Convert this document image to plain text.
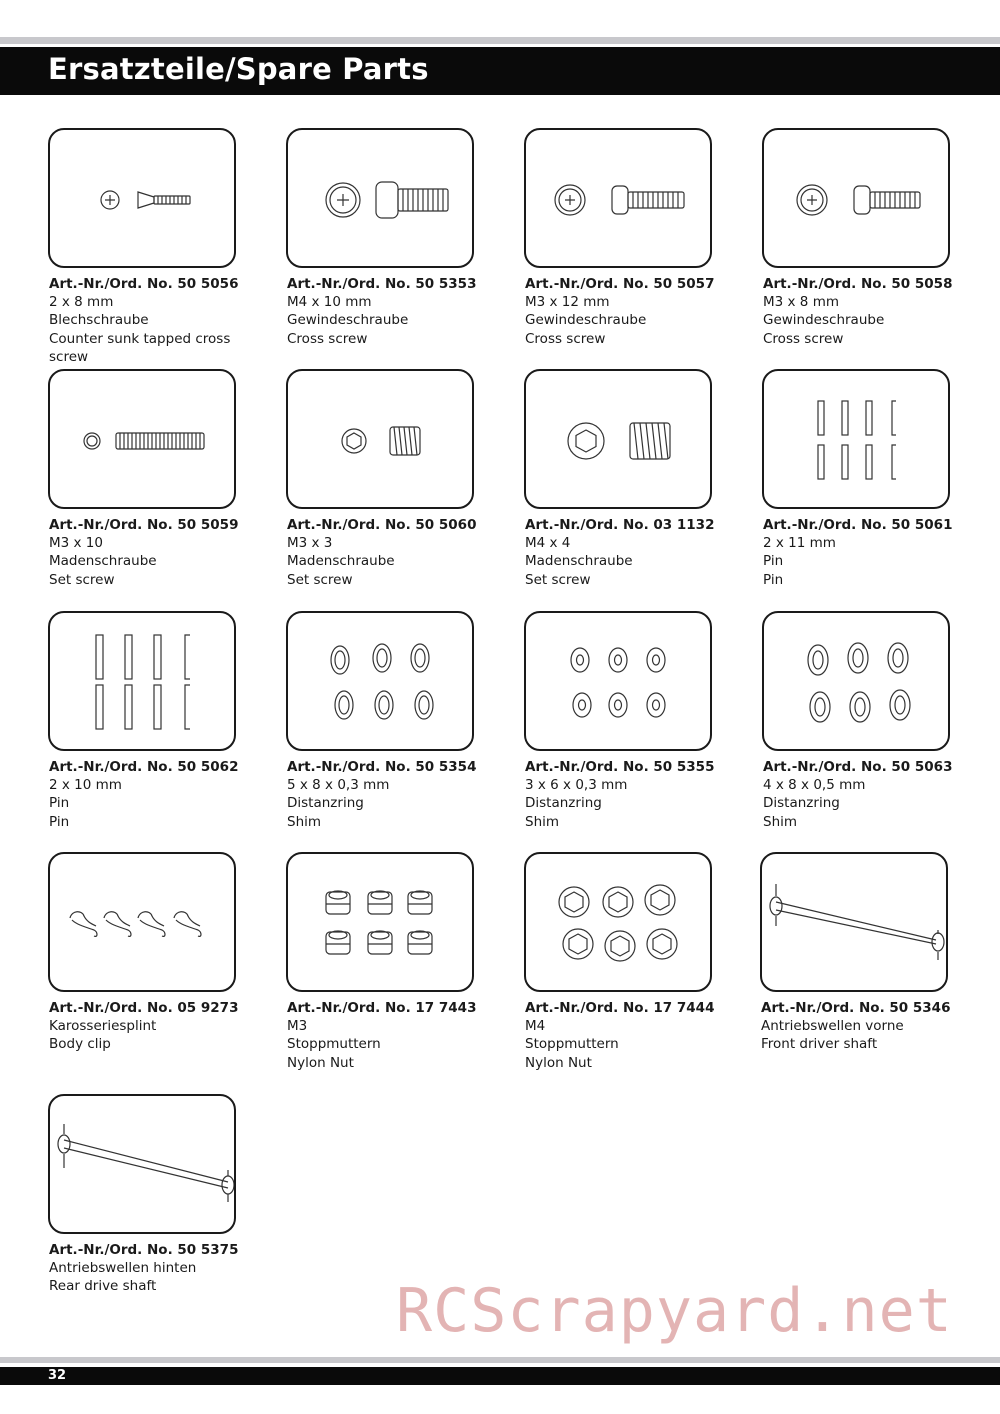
Ersatzteile/Spare Parts
Art.-Nr./Ord. No. 50 5056
2 x 8 mm
Blechschraube
Counter sunk tapped cross screw
Art.-Nr./Ord. No. 50 5353
M4 x 10 mm
Gewindeschraube
Cross screw
Art.-Nr./Ord. No. 50 5057
M3 x 12 mm
Gewindeschraube
Cross screw
Art.-Nr./Ord. No. 50 5058
M3 x 8 mm
Gewindeschraube
Cross screw
Art.-Nr./Ord. No. 50 5059
M3 x 10
Madenschraube
Set screw
Art.-Nr./Ord. No. 50 5060
M3 x 3
Madenschraube
Set screw
Art.-Nr./Ord. No. 03 1132
M4 x 4
Madenschraube
Set screw
Art.-Nr./Ord. No. 50 5061
2 x 11 mm
Pin
Pin
Art.-Nr./Ord. No. 50 5062
2 x 10 mm
Pin
Pin
Art.-Nr./Ord. No. 50 5354
5 x 8 x 0,3 mm
Distanzring
Shim
Art.-Nr./Ord. No. 50 5355
3 x 6 x 0,3 mm
Distanzring
Shim
Art.-Nr./Ord. No. 50 5063
4 x 8 x 0,5 mm
Distanzring
Shim
Art.-Nr./Ord. No. 05 9273
Karosseriesplint
Body clip
Art.-Nr./Ord. No. 17 7443
M3
Stoppmuttern
Nylon Nut
Art.-Nr./Ord. No. 17 7444
M4
Stoppmuttern
Nylon Nut
Art.-Nr./Ord. No. 50 5346
Antriebswellen vorne
Front driver shaft
Art.-Nr./Ord. No. 50 5375
Antriebswellen hinten
Rear drive shaft	RCScrapyard.net
32
